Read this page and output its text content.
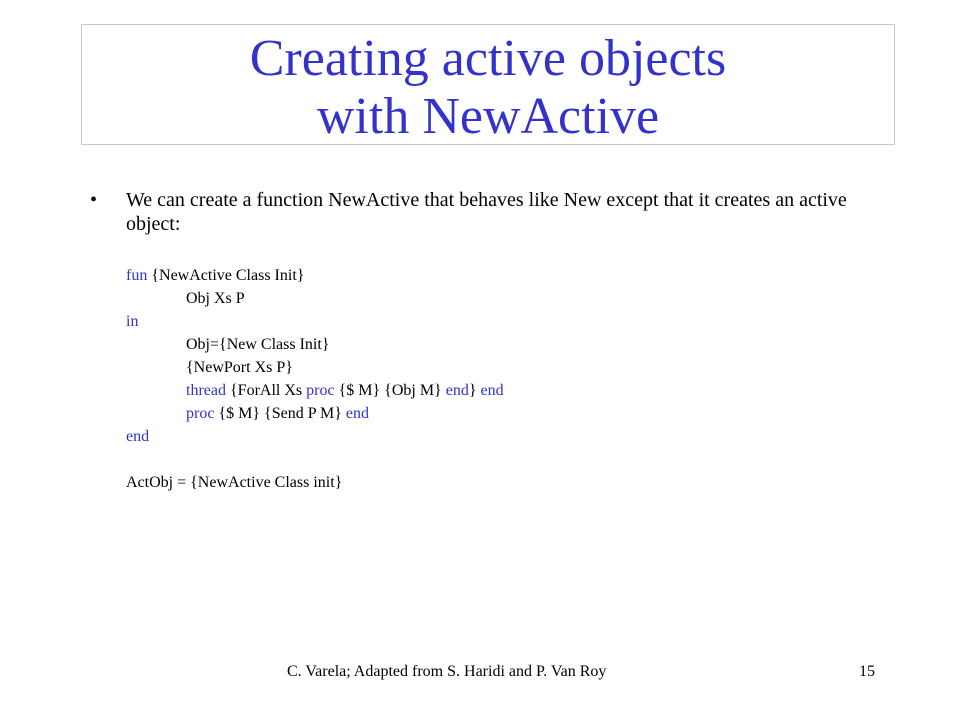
Creating active objects
with NewActive
• We can create a function NewActive that behaves like New except that it creates an active object:
fun {NewActive Class Init}
Obj Xs P
in
Obj={New Class Init}
{NewPort Xs P}
thread {ForAll Xs proc {$ M} {Obj M} end} end
proc {$ M} {Send P M} end
end
ActObj = {NewActive Class init}
C. Varela; Adapted from S. Haridi and P. Van Roy	15
